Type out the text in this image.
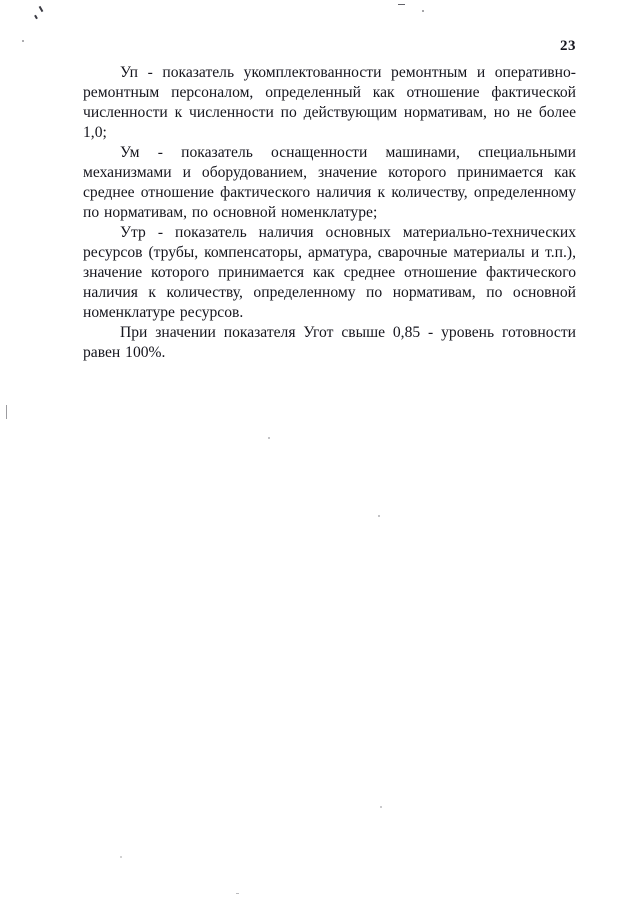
23

Уп - показатель укомплектованности ремонтным и оперативно-ремонтным персоналом, определенный как отношение фактической численности к численности по действующим нормативам, но не более 1,0;

Ум - показатель оснащенности машинами, специальными механизмами и оборудованием, значение которого принимается как среднее отношение фактического наличия к количеству, определенному по нормативам, по основной номенклатуре;

Утр - показатель наличия основных материально-технических ресурсов (трубы, компенсаторы, арматура, сварочные материалы и т.п.), значение которого принимается как среднее отношение фактического наличия к количеству, определенному по нормативам, по основной номенклатуре ресурсов.

При значении показателя Угот свыше 0,85 - уровень готовности равен 100%.
